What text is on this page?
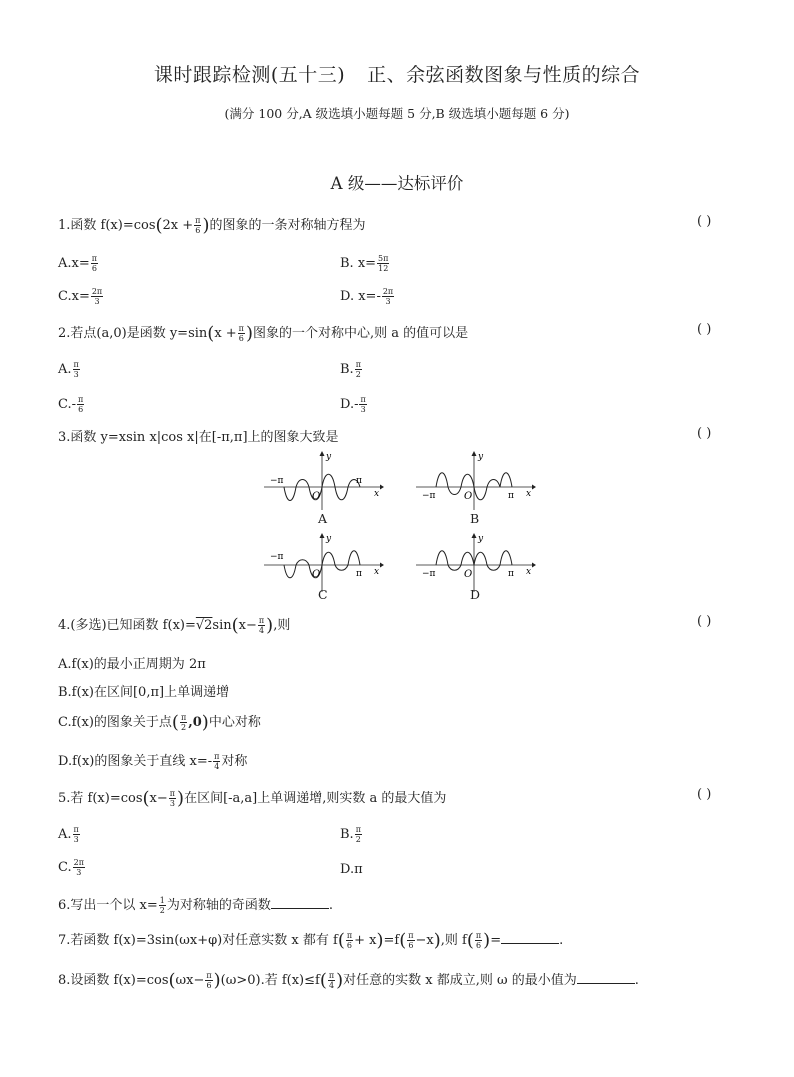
课时跟踪检测(五十三) 正、余弦函数图象与性质的综合
(满分 100 分,A 级选填小题每题 5 分,B 级选填小题每题 6 分)
A 级——达标评价
1.函数 $f(x)=\cos(2x + \frac{\pi}{6}$ )的图象的一条对称轴方程为	( )
$A.x= \frac{\pi}{6}$	B. $x= \frac{5\pi}{12}$
$C.x= \frac{2\pi}{3}$	D. $x=- \frac{2\pi}{3}$
2.若点(a,0)是函数 $y=\sin(x + \frac{\pi}{6}$ )图象的一个对称中心,则 a 的值可以是	( )
A. $\frac{\pi}{3}$	B. $\frac{\pi}{2}$
$C.- \frac{\pi}{6}$	$D.- \frac{\pi}{3}$
3.函数 y=xsin x|cos x|在[-π,π]上的图象大致是	( )
−π	π
O	x
y
A
−π	π
O	x
y
B
−π
π
O	x
y
C
−π	π
O	x
y
D
4.(多选)已知函数 $f(x)=√2\sin(x- \frac{\pi}{4}$ ),则	( )
A.f(x)的最小正周期为 2π
B.f(x)在区间[0,π]上单调递增
C.f(x)的图象关于点( $\frac{\pi}{2} ,0$)中心对称
D.f(x)的图象关于直线 $x=- \frac{\pi}{4}$ 对称
5.若 $f(x)=\cos(x- \frac{\pi}{3}$ )在区间[-a,a]上单调递增,则实数 a 的最大值为	( )
A. $\frac{\pi}{3}$	B. $\frac{\pi}{2}$
C. $\frac{2\pi}{3}$	D.π
6.写出一个以 $x= \frac{1}{2}$ 为对称轴的奇函数	.
7.若函数 f(x)=3sin(ωx+φ)对任意实数 x 都有 $f( \frac{\pi}{6} + x)=f( \frac{\pi}{6} -x)$,则 $f( \frac{\pi}{6}$ )=	.
8.设函数 $f(x)=\cos(\omega x- \frac{\pi}{6} )(\omega>0)$.若 $f(x)\le f( \frac{\pi}{4}$ )对任意的实数 x 都成立,则 ω 的最小值为	.
